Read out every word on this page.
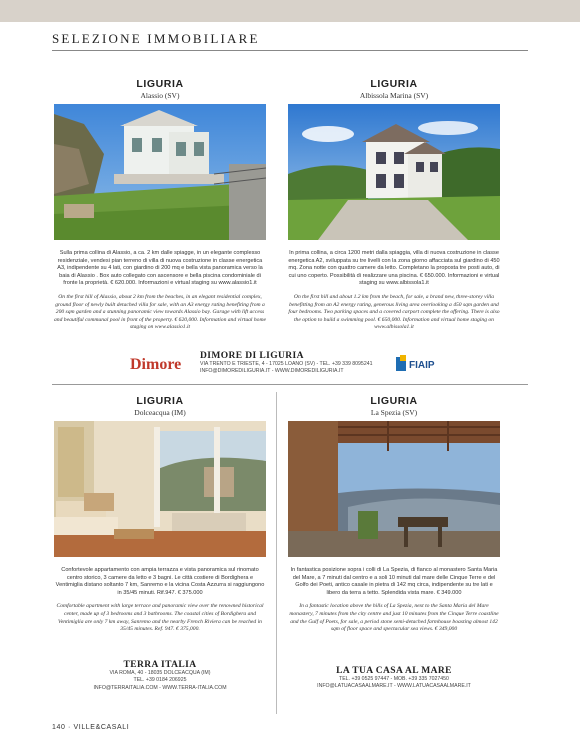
SELEZIONE IMMOBILIARE

LIGURIA

Alassio (SV)

Sulla prima collina di Alassio, a ca. 2 km dalle spiagge, in un elegante complesso residenziale, vendesi pian terreno di villa di nuova costruzione in classe energetica A3, indipendente su 4 lati, con giardino di 200 mq e bella vista panoramica verso la baia di Alassio . Box auto collegato con ascensore e bella piscina condominiale di fronte la proprietà. € 620.000. Informazioni e virtual staging su www.alassio1.it
On the first hill of Alassio, about 2 km from the beaches, in an elegant residential complex, ground floor of newly built detached villa for sale, with an A3 energy rating benefiting from a 200 sqm garden and a stunning panoramic view towards Alassio bay. Garage with lift access and beautiful communal pool in front of the property. € 620,000. Information and virtual home staging on www.alassio1.it

LIGURIA

Albissola Marina (SV)

In prima collina, a circa 1200 metri dalla spiaggia, villa di nuova costruzione in classe energetica A2, sviluppata su tre livelli con la zona giorno affacciata sul giardino di 450 mq. Zona notte con quattro camere da letto. Completano la proposta tre posti auto, di cui uno coperto. Possibilità di realizzare una piscina. € 650.000. Informazioni e virtual staging su www.albissola1.it
On the first hill and about 1.2 km from the beach, for sale, a brand new, three-storey villa benefitting from an A2 energy rating, generous living area overlooking a 450 sqm garden and four bedrooms. Two parking spaces and a covered carport complete the offering. There is also the option to build a swimming pool. € 650,000. Information and virtual home staging on www.albissola1.it
Dimore DIMORE DI LIGURIA
VIA TRENTO E TRIESTE, 4 - 17025 LOANO (SV) - TEL. +39 339 8095241
INFO@DIMOREDILIGURIA.IT - WWW.DIMOREDILIGURIA.IT
FIAIP

LIGURIA

Dolceacqua (IM)

Confortevole appartamento con ampia terrazza e vista panoramica sul rinomato centro storico, 3 camere da letto e 3 bagni. Le città costiere di Bordighera e Ventimiglia distano soltanto 7 km, Sanremo e la vicina Costa Azzurra si raggiungono in 35/45 minuti. Rif.947. € 375.000
Comfortable apartment with large terrace and panoramic view over the renowned historical center, made up of 3 bedrooms and 3 bathrooms. The coastal cities of Bordighera and Ventimiglia are only 7 km away, Sanremo and the nearby French Riviera can be reached in 35/45 minutes. Ref. 947. € 375,000.

LIGURIA

La Spezia (SV)

In fantastica posizione sopra i colli di La Spezia, di fianco al monastero Santa Maria del Mare, a 7 minuti dal centro e a soli 10 minuti dal mare delle Cinque Terre e del Golfo dei Poeti, antico casale in pietra di 142 mq circa, indipendente su tre lati e libero da terra a tetto. Splendida vista mare. € 349.000
In a fantastic location above the hills of La Spezia, next to the Santa Maria del Mare monastery, 7 minutes from the city centre and just 10 minutes from the Cinque Terre coastline and the Gulf of Poets, for sale, a period stone semi-detached farmhouse boasting almost 142 sqm of floor space and spectacular sea views. € 349,000
TERRA ITALIA
VIA ROMA, 40 - 18035 DOLCEACQUA (IM)
TEL. +39 0184 206925
INFO@TERRAITALIA.COM - WWW.TERRA-ITALIA.COM
LA TUA CASA AL MARE
TEL. +39 0525 97447 - MOB. +39 335 7027450
INFO@LATUACASAALMARE.IT - WWW.LATUACASAALMARE.IT
140 · VILLE&CASALI
